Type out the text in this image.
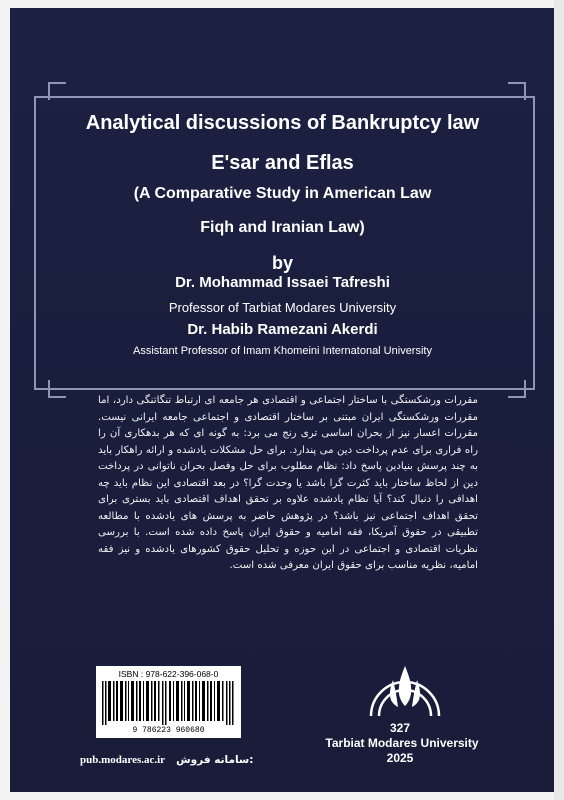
Analytical discussions of Bankruptcy law
E'sar and Eflas
(A Comparative Study in American Law
Fiqh and Iranian Law)
by
Dr. Mohammad Issaei Tafreshi
Professor of Tarbiat Modares University
Dr. Habib Ramezani Akerdi
Assistant Professor of Imam Khomeini Internatonal University

مقررات ورشکستگی با ساختار اجتماعی و اقتصادی هر جامعه ای ارتباط تنگاتنگی دارد، اما مقررات ورشکستگی ایران مبتنی بر ساختار اقتصادی و اجتماعی جامعه ایرانی نیست. مقررات اعسار نیز از بحران اساسی تری رنج می برد: به گونه ای که هر بدهکاری آن را راه فراری برای عدم پرداخت دین می پندارد. برای حل مشکلات یادشده و ارائه راهکار باید به چند پرسش بنیادین پاسخ داد: نظام مطلوب برای حل وفصل بحران ناتوانی در پرداخت دین از لحاظ ساختار باید کثرت گرا باشد یا وحدت گرا؟ در بعد اقتصادی این نظام باید چه اهدافی را دنبال کند؟ آیا نظام یادشده علاوه بر تحقق اهداف اقتصادی باید بستری برای تحقق اهداف اجتماعی نیز باشد؟ در پژوهش حاضر به پرسش های یادشده با مطالعه تطبیقی در حقوق آمریکا، فقه امامیه و حقوق ایران پاسخ داده شده است. با بررسی نظریات اقتصادی و اجتماعی در این حوزه و تحلیل حقوق کشورهای یادشده و نیز فقه امامیه، نظریه مناسب برای حقوق ایران معرفی شده است.

ISBN : 978-622-396-068-0
9 786223 960680	327
Tarbiat Modares University
2025
pub.modares.ac.ir سامانه فروش:
